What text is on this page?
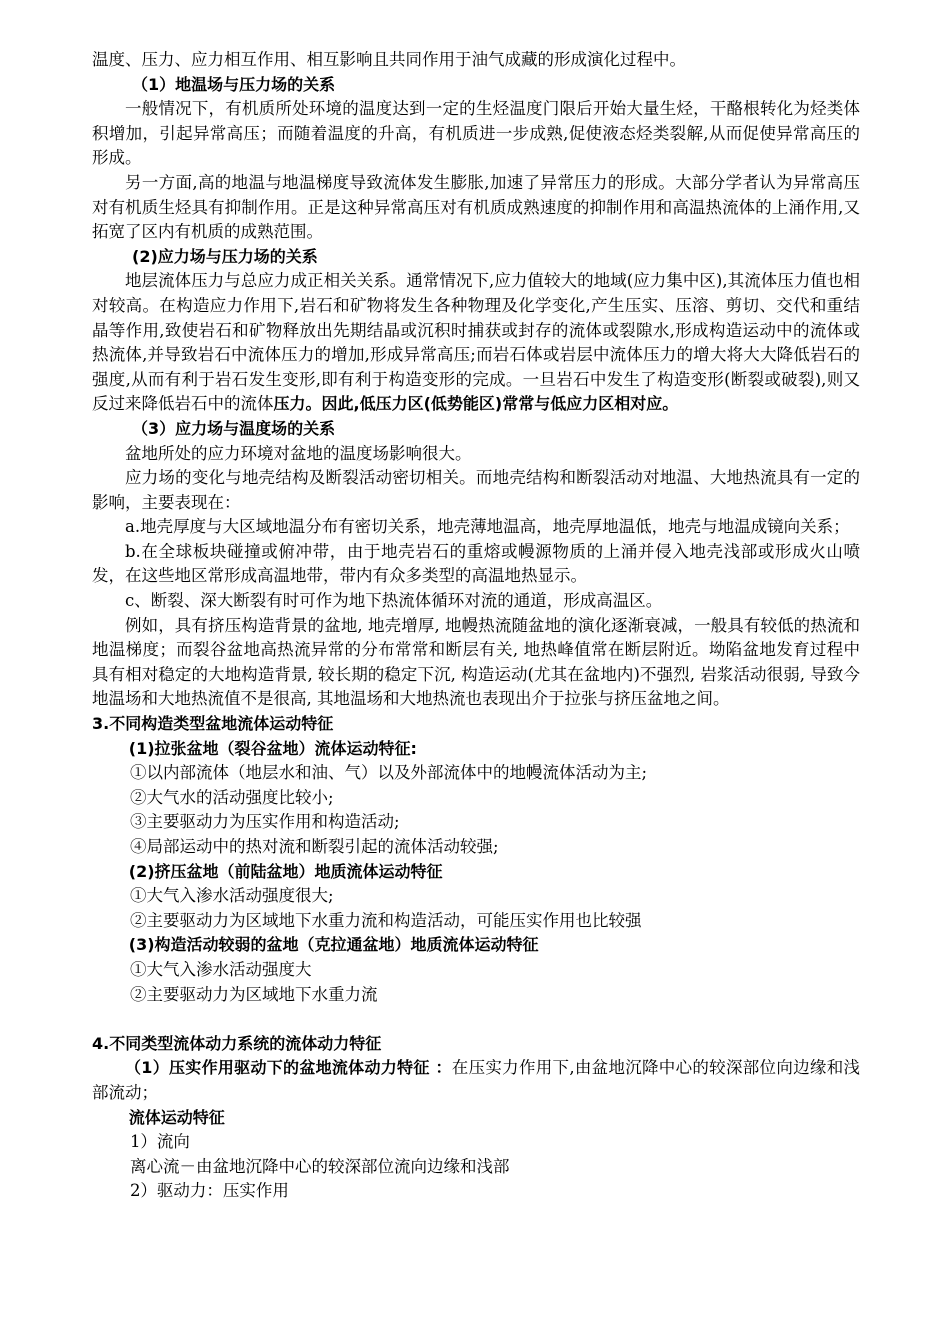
温度、压力、应力相互作用、相互影响且共同作用于油气成藏的形成演化过程中。

（1）地温场与压力场的关系

一般情况下，有机质所处环境的温度达到一定的生烃温度门限后开始大量生烃，干酪根转化为烃类体积增加，引起异常高压；而随着温度的升高，有机质进一步成熟,促使液态烃类裂解,从而促使异常高压的形成。

另一方面,高的地温与地温梯度导致流体发生膨胀,加速了异常压力的形成。大部分学者认为异常高压对有机质生烃具有抑制作用。正是这种异常高压对有机质成熟速度的抑制作用和高温热流体的上涌作用,又拓宽了区内有机质的成熟范围。

(2)应力场与压力场的关系

地层流体压力与总应力成正相关关系。通常情况下,应力值较大的地域(应力集中区),其流体压力值也相对较高。在构造应力作用下,岩石和矿物将发生各种物理及化学变化,产生压实、压溶、剪切、交代和重结晶等作用,致使岩石和矿物释放出先期结晶或沉积时捕获或封存的流体或裂隙水,形成构造运动中的流体或热流体,并导致岩石中流体压力的增加,形成异常高压;而岩石体或岩层中流体压力的增大将大大降低岩石的强度,从而有利于岩石发生变形,即有利于构造变形的完成。一旦岩石中发生了构造变形(断裂或破裂),则又反过来降低岩石中的流体压力。因此,低压力区(低势能区)常常与低应力区相对应。

（3）应力场与温度场的关系

盆地所处的应力环境对盆地的温度场影响很大。

应力场的变化与地壳结构及断裂活动密切相关。而地壳结构和断裂活动对地温、大地热流具有一定的影响，主要表现在：

a.地壳厚度与大区域地温分布有密切关系，地壳薄地温高，地壳厚地温低，地壳与地温成镜向关系；

b.在全球板块碰撞或俯冲带，由于地壳岩石的重熔或幔源物质的上涌并侵入地壳浅部或形成火山喷发，在这些地区常形成高温地带，带内有众多类型的高温地热显示。

c、断裂、深大断裂有时可作为地下热流体循环对流的通道，形成高温区。

例如，具有挤压构造背景的盆地, 地壳增厚, 地幔热流随盆地的演化逐渐衰减，一般具有较低的热流和地温梯度；而裂谷盆地高热流异常的分布常常和断层有关, 地热峰值常在断层附近。坳陷盆地发育过程中具有相对稳定的大地构造背景, 较长期的稳定下沉, 构造运动(尤其在盆地内)不强烈, 岩浆活动很弱, 导致今地温场和大地热流值不是很高, 其地温场和大地热流也表现出介于拉张与挤压盆地之间。

3.不同构造类型盆地流体运动特征

(1)拉张盆地（裂谷盆地）流体运动特征:

①以内部流体（地层水和油、气）以及外部流体中的地幔流体活动为主;

②大气水的活动强度比较小;

③主要驱动力为压实作用和构造活动;

④局部运动中的热对流和断裂引起的流体活动较强;

(2)挤压盆地（前陆盆地）地质流体运动特征

①大气入渗水活动强度很大;

②主要驱动力为区域地下水重力流和构造活动，可能压实作用也比较强

(3)构造活动较弱的盆地（克拉通盆地）地质流体运动特征

①大气入渗水活动强度大

②主要驱动力为区域地下水重力流

4.不同类型流体动力系统的流体动力特征

（1）压实作用驱动下的盆地流体动力特征 ：在压实力作用下,由盆地沉降中心的较深部位向边缘和浅部流动；

流体运动特征

1）流向

离心流－由盆地沉降中心的较深部位流向边缘和浅部

2）驱动力：压实作用
